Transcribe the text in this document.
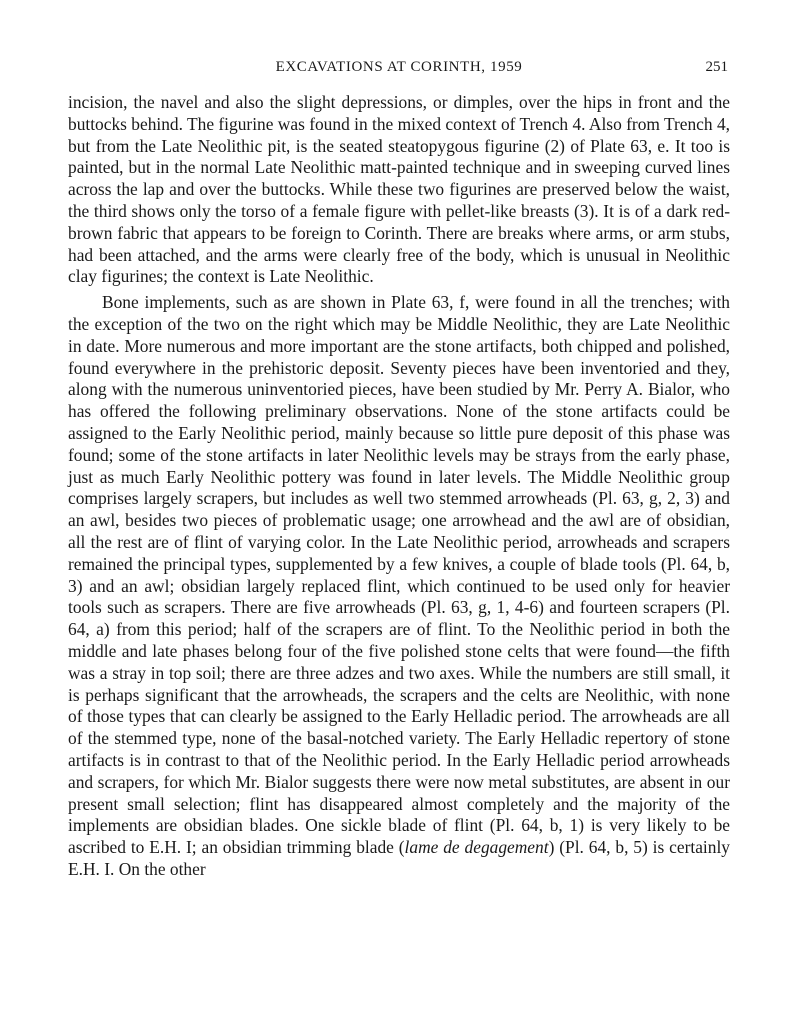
EXCAVATIONS AT CORINTH, 1959	251

incision, the navel and also the slight depressions, or dimples, over the hips in front and the buttocks behind. The figurine was found in the mixed context of Trench 4. Also from Trench 4, but from the Late Neolithic pit, is the seated steatopygous figurine (2) of Plate 63, e. It too is painted, but in the normal Late Neolithic matt-painted technique and in sweeping curved lines across the lap and over the buttocks. While these two figurines are preserved below the waist, the third shows only the torso of a female figure with pellet-like breasts (3). It is of a dark red-brown fabric that appears to be foreign to Corinth. There are breaks where arms, or arm stubs, had been attached, and the arms were clearly free of the body, which is unusual in Neolithic clay figurines; the context is Late Neolithic.

Bone implements, such as are shown in Plate 63, f, were found in all the trenches; with the exception of the two on the right which may be Middle Neolithic, they are Late Neolithic in date. More numerous and more important are the stone artifacts, both chipped and polished, found everywhere in the prehistoric deposit. Seventy pieces have been inventoried and they, along with the numerous uninventoried pieces, have been studied by Mr. Perry A. Bialor, who has offered the following preliminary observations. None of the stone artifacts could be assigned to the Early Neolithic period, mainly because so little pure deposit of this phase was found; some of the stone artifacts in later Neolithic levels may be strays from the early phase, just as much Early Neolithic pottery was found in later levels. The Middle Neolithic group comprises largely scrapers, but includes as well two stemmed arrowheads (Pl. 63, g, 2, 3) and an awl, besides two pieces of problematic usage; one arrowhead and the awl are of obsidian, all the rest are of flint of varying color. In the Late Neolithic period, arrowheads and scrapers remained the principal types, supplemented by a few knives, a couple of blade tools (Pl. 64, b, 3) and an awl; obsidian largely replaced flint, which continued to be used only for heavier tools such as scrapers. There are five arrowheads (Pl. 63, g, 1, 4-6) and fourteen scrapers (Pl. 64, a) from this period; half of the scrapers are of flint. To the Neolithic period in both the middle and late phases belong four of the five polished stone celts that were found—the fifth was a stray in top soil; there are three adzes and two axes. While the numbers are still small, it is perhaps significant that the arrowheads, the scrapers and the celts are Neolithic, with none of those types that can clearly be assigned to the Early Helladic period. The arrowheads are all of the stemmed type, none of the basal-notched variety. The Early Helladic repertory of stone artifacts is in contrast to that of the Neolithic period. In the Early Helladic period arrowheads and scrapers, for which Mr. Bialor suggests there were now metal substitutes, are absent in our present small selection; flint has disappeared almost completely and the majority of the implements are obsidian blades. One sickle blade of flint (Pl. 64, b, 1) is very likely to be ascribed to E.H. I; an obsidian trimming blade (lame de degagement) (Pl. 64, b, 5) is certainly E.H. I. On the other
